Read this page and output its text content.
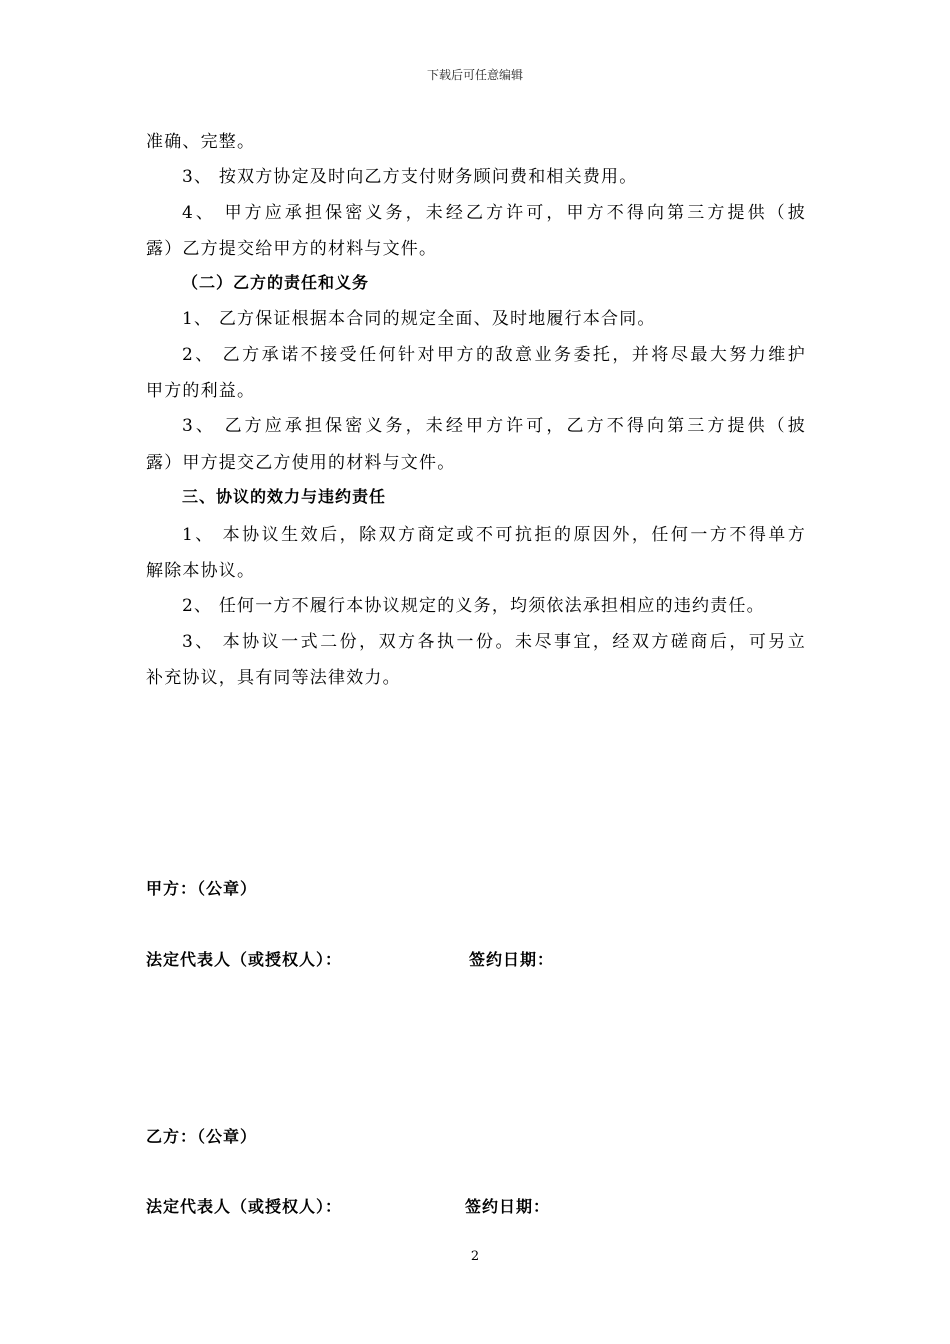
下载后可任意编辑
准确、完整。
3、 按双方协定及时向乙方支付财务顾问费和相关费用。
4、 甲方应承担保密义务，未经乙方许可，甲方不得向第三方提供（披
露）乙方提交给甲方的材料与文件。
（二）乙方的责任和义务
1、 乙方保证根据本合同的规定全面、及时地履行本合同。
2、 乙方承诺不接受任何针对甲方的敌意业务委托，并将尽最大努力维护
甲方的利益。
3、 乙方应承担保密义务，未经甲方许可，乙方不得向第三方提供（披
露）甲方提交乙方使用的材料与文件。
三、协议的效力与违约责任
1、 本协议生效后，除双方商定或不可抗拒的原因外，任何一方不得单方
解除本协议。
2、 任何一方不履行本协议规定的义务，均须依法承担相应的违约责任。
3、 本协议一式二份，双方各执一份。未尽事宜，经双方磋商后，可另立
补充协议，具有同等法律效力。
甲方：（公章）
法定代表人（或授权人）：	签约日期：
乙方：（公章）
法定代表人（或授权人）：	签约日期：
2
